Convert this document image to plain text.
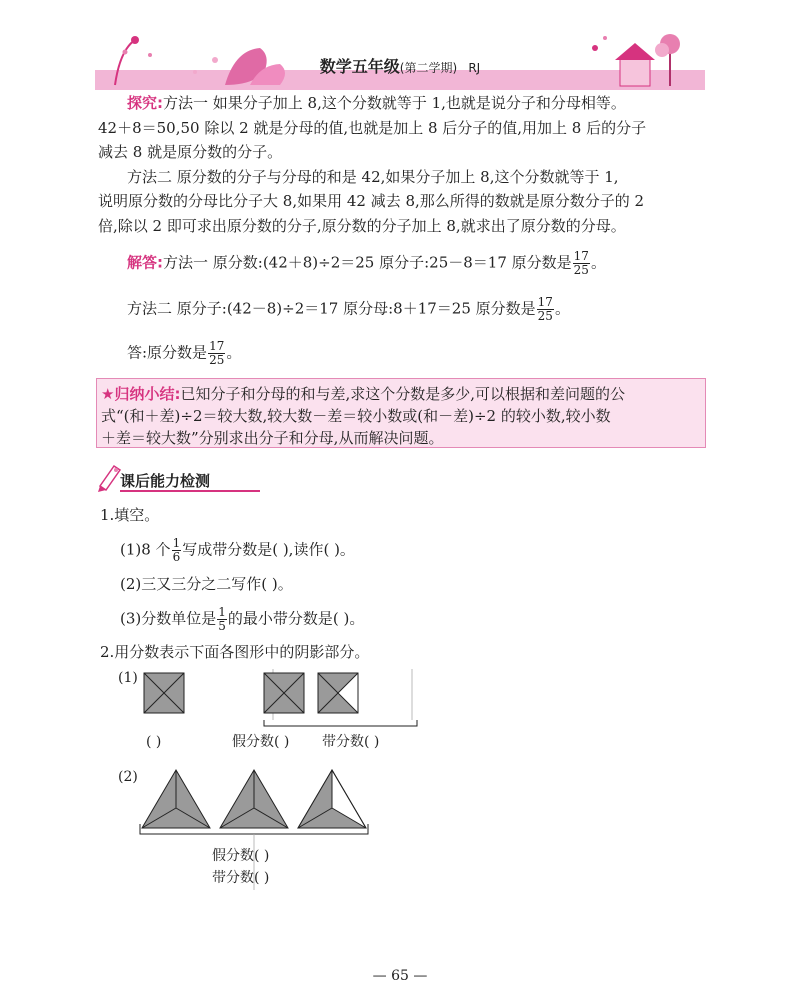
数学五年级(第二学期) RJ
探究:方法一 如果分子加上 8,这个分数就等于 1,也就是说分子和分母相等。
42＋8＝50,50 除以 2 就是分母的值,也就是加上 8 后分子的值,用加上 8 后的分子
减去 8 就是原分数的分子。
方法二 原分数的分子与分母的和是 42,如果分子加上 8,这个分数就等于 1,
说明原分数的分母比分子大 8,如果用 42 减去 8,那么所得的数就是原分数分子的 2
倍,除以 2 即可求出原分数的分子,原分数的分子加上 8,就求出了原分数的分母。
解答:方法一 原分数:(42＋8)÷2＝25 原分子:25－8＝17 原分数是 $\frac{17}{25}$ 。
方法二 原分子:(42－8)÷2＝17 原分母:8＋17＝25 原分数是 $\frac{17}{25}$ 。
答:原分数是 $\frac{17}{25}$ 。
★归纳小结:已知分子和分母的和与差,求这个分数是多少,可以根据和差问题的公
式“(和＋差)÷2＝较大数,较大数－差＝较小数或(和－差)÷2 的较小数,较小数
＋差＝较大数”分别求出分子和分母,从而解决问题。
课后能力检测
1.填空。
(1)8 个 $\frac{1}{6}$ 写成带分数是( ),读作( )。
(2)三又三分之二写作( )。
(3)分数单位是 $\frac{1}{5}$ 的最小带分数是( )。
2.用分数表示下面各图形中的阴影部分。
(1)
( )	假分数( ) 带分数( )
(2)
假分数( )
带分数( )
— 65 —
